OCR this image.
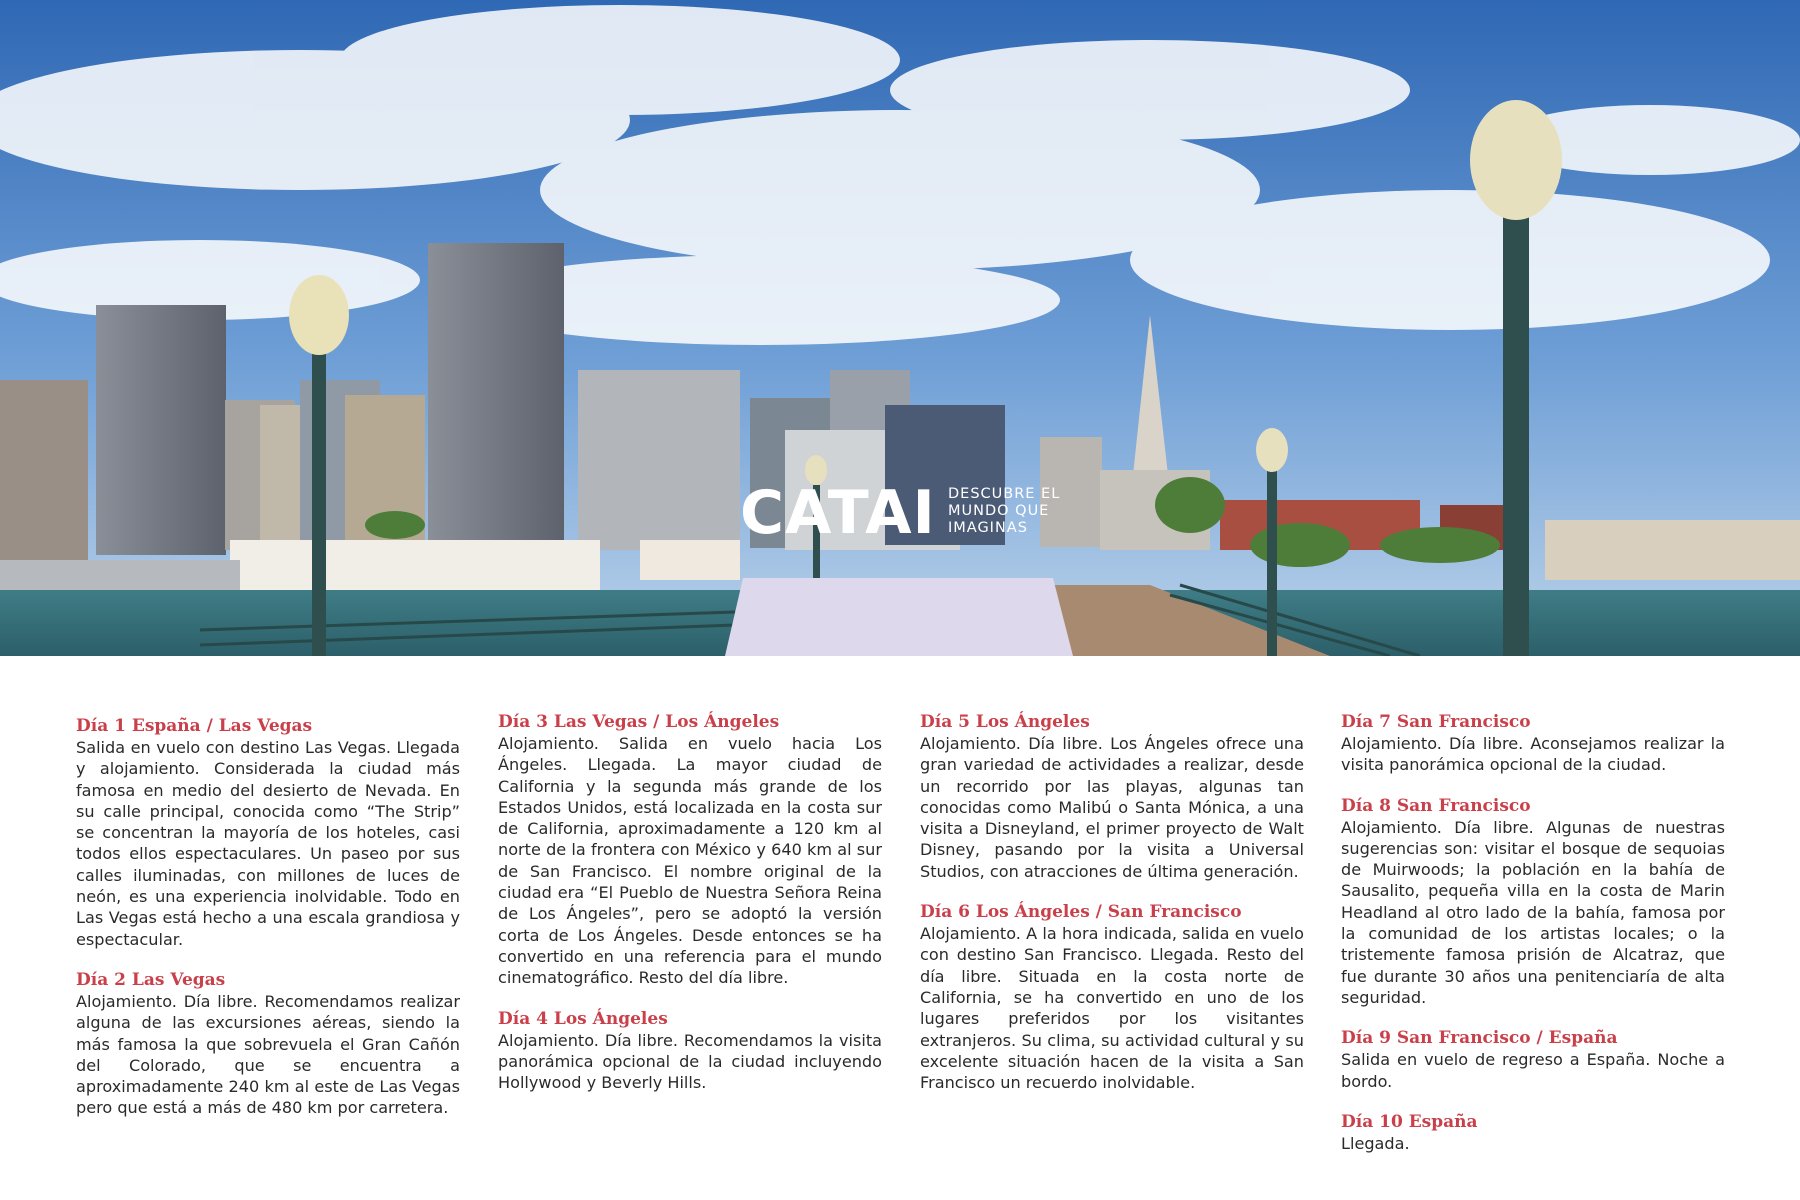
CATAI DESCUBRE EL
MUNDO QUE
IMAGINAS
Día 1 España / Las Vegas

Salida en vuelo con destino Las Vegas. Llegada y alojamiento. Considerada la ciudad más famosa en medio del desierto de Nevada. En su calle principal, conocida como “The Strip” se concentran la mayoría de los hoteles, casi todos ellos espectaculares. Un paseo por sus calles iluminadas, con millones de luces de neón, es una experiencia inolvidable. Todo en Las Vegas está hecho a una escala grandiosa y espectacular.

Día 2 Las Vegas

Alojamiento. Día libre. Recomendamos realizar alguna de las excursiones aéreas, siendo la más famosa la que sobrevuela el Gran Cañón del Colorado, que se encuentra a aproximadamente 240 km al este de Las Vegas pero que está a más de 480 km por carretera.

Día 3 Las Vegas / Los Ángeles

Alojamiento. Salida en vuelo hacia Los Ángeles. Llegada. La mayor ciudad de California y la segunda más grande de los Estados Unidos, está localizada en la costa sur de California, aproximadamente a 120 km al norte de la frontera con México y 640 km al sur de San Francisco. El nombre original de la ciudad era “El Pueblo de Nuestra Señora Reina de Los Ángeles”, pero se adoptó la versión corta de Los Ángeles. Desde entonces se ha convertido en una referencia para el mundo cinematográfico. Resto del día libre.

Día 4 Los Ángeles

Alojamiento. Día libre. Recomendamos la visita panorámica opcional de la ciudad incluyendo Hollywood y Beverly Hills.

Día 5 Los Ángeles

Alojamiento. Día libre. Los Ángeles ofrece una gran variedad de actividades a realizar, desde un recorrido por las playas, algunas tan conocidas como Malibú o Santa Mónica, a una visita a Disneyland, el primer proyecto de Walt Disney, pasando por la visita a Universal Studios, con atracciones de última generación.

Día 6 Los Ángeles / San Francisco

Alojamiento. A la hora indicada, salida en vuelo con destino San Francisco. Llegada. Resto del día libre. Situada en la costa norte de California, se ha convertido en uno de los lugares preferidos por los visitantes extranjeros. Su clima, su actividad cultural y su excelente situación hacen de la visita a San Francisco un recuerdo inolvidable.

Día 7 San Francisco

Alojamiento. Día libre. Aconsejamos realizar la visita panorámica opcional de la ciudad.

Día 8 San Francisco

Alojamiento. Día libre. Algunas de nuestras sugerencias son: visitar el bosque de sequoias de Muirwoods; la población en la bahía de Sausalito, pequeña villa en la costa de Marin Headland al otro lado de la bahía, famosa por la comunidad de los artistas locales; o la tristemente famosa prisión de Alcatraz, que fue durante 30 años una penitenciaría de alta seguridad.

Día 9 San Francisco / España

Salida en vuelo de regreso a España. Noche a bordo.

Día 10 España

Llegada.
